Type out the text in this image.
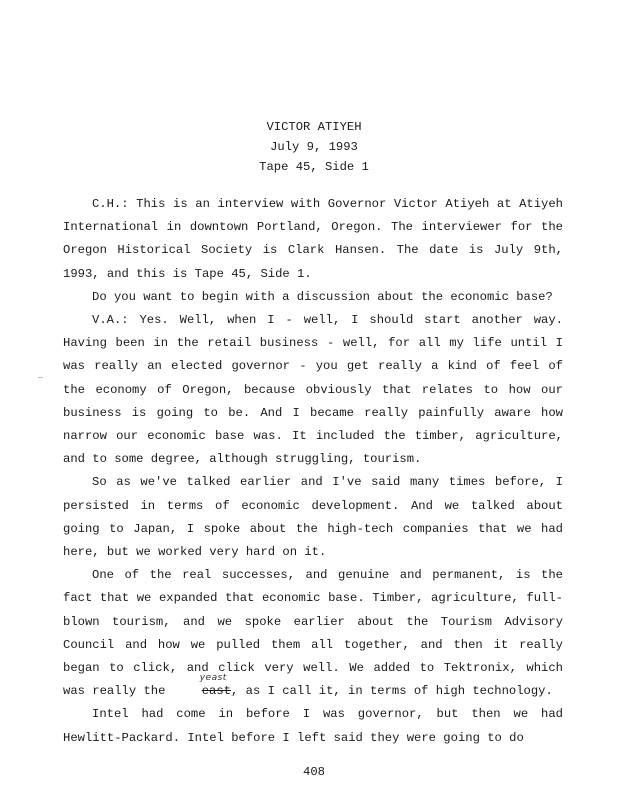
VICTOR ATIYEH
July 9, 1993
Tape 45, Side 1

C.H.: This is an interview with Governor Victor Atiyeh at Atiyeh International in downtown Portland, Oregon. The interviewer for the Oregon Historical Society is Clark Hansen. The date is July 9th, 1993, and this is Tape 45, Side 1.

Do you want to begin with a discussion about the economic base?

V.A.: Yes. Well, when I - well, I should start another way. Having been in the retail business - well, for all my life until I was really an elected governor - you get really a kind of feel of the economy of Oregon, because obviously that relates to how our business is going to be. And I became really painfully aware how narrow our economic base was. It included the timber, agriculture, and to some degree, although struggling, tourism.

So as we've talked earlier and I've said many times before, I persisted in terms of economic development. And we talked about going to Japan, I spoke about the high-tech companies that we had here, but we worked very hard on it.

One of the real successes, and genuine and permanent, is the fact that we expanded that economic base. Timber, agriculture, full-blown tourism, and we spoke earlier about the Tourism Advisory Council and how we pulled them all together, and then it really began to click, and click very well. We added to Tektronix, which was really the
yeast
east, as I call it, in terms of high technology.

Intel had come in before I was governor, but then we had Hewlitt-Packard. Intel before I left said they were going to do

408
